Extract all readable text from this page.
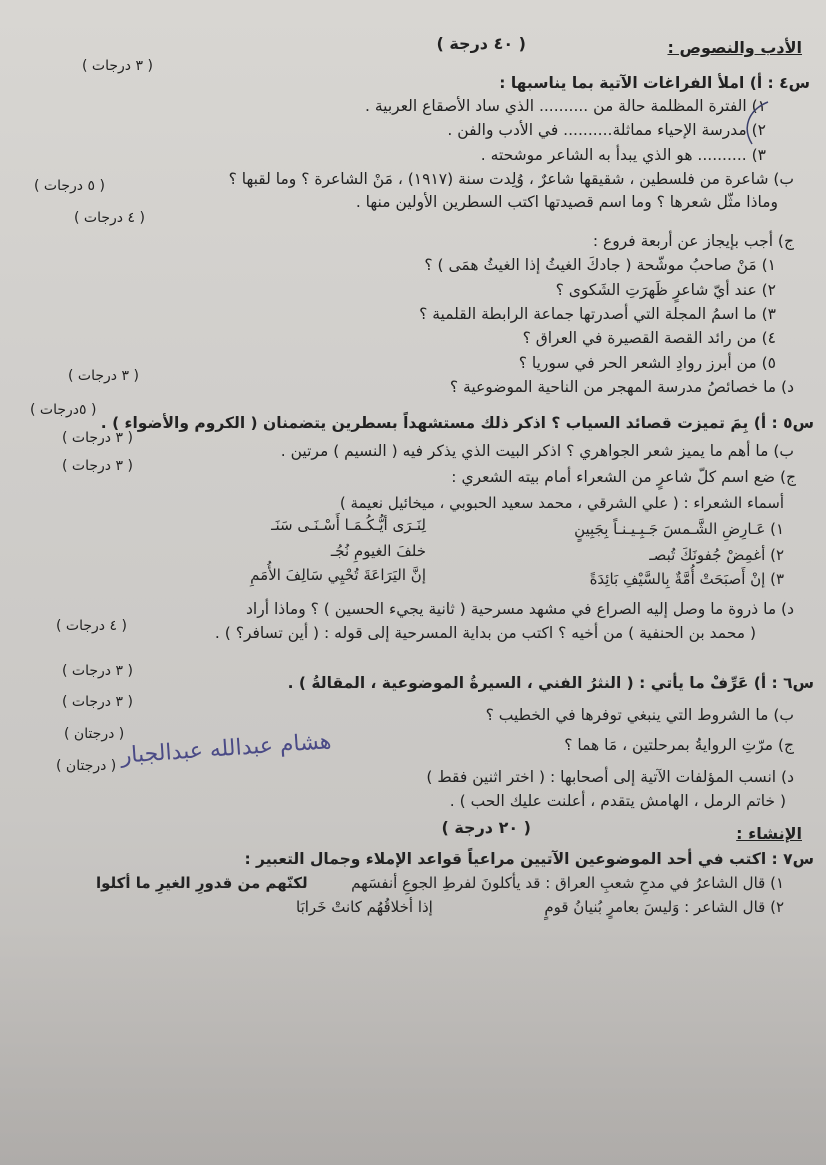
الأدب والنصوص :
( ٤٠ درجة )
س٤ : أ) املأ الفراغات الآتية بما يناسبها :
( ٣ درجات )
١) الفترة المظلمة حالة من .......... الذي ساد الأصقاع العربية .
٢) مدرسة الإحياء مماثلة.......... في الأدب والفن .
٣) .......... هو الذي يبدأ به الشاعر موشحته .
ب) شاعرة من فلسطين ، شقيقها شاعرٌ ، وُلِدت سنة (١٩١٧) ، مَنْ الشاعرة ؟ وما لقبها ؟
( ٥ درجات )
وماذا مثّل شعرها ؟ وما اسم قصيدتها اكتب السطرين الأولين منها .
( ٤ درجات )
ج) أجب بإيجاز عن أربعة فروع :
١) مَنْ صاحبُ موشّحة ( جادكَ الغيثُ إذا الغيثُ همَى ) ؟
٢) عند أيّ شاعرٍ ظَهرَتِ الشَكوى ؟
٣) ما اسمُ المجلة التي أصدرتها جماعة الرابطة القلمية ؟
٤) من رائد القصة القصيرة في العراق ؟
٥) من أبرز روادِ الشعر الحر في سوريا ؟
د) ما خصائصُ مدرسة المهجر من الناحية الموضوعية ؟
( ٣ درجات )
س٥ : أ) بِمَ تميزت قصائد السياب ؟ اذكر ذلك مستشهداً بسطرين يتضمنان ( الكروم والأضواء ) .
( ٥درجات )
ب) ما أهم ما يميز شعر الجواهري ؟ اذكر البيت الذي يذكر فيه ( النسيم ) مرتين .
( ٣ درجات )
ج) ضع اسم كلّ شاعرٍ من الشعراء أمام بيته الشعري :
( ٣ درجات )
أسماء الشعراء : ( علي الشرقي ، محمد سعيد الحبوبي ، ميخائيل نعيمة )
١) عَـارِضِ الشَّـمسَ جَـبِـيـنـاً بِجَبِينٍ
لِنَـرَى أيُّـكُـمَـا أَسْـنَـى سَنَـ
٢) أغمِضْ جُفونَكَ تُبصـ
خلفَ الغيومِ نُجُـ
٣) إنْ أَصبَحَتْ أُمَّةٌ بِالسَّيْفِ بَائِدَةً
إنَّ اليَرَاعَةَ تُحْيِي سَالِفَ الأُمَمِ
د) ما ذروة ما وصل إليه الصراع في مشهد مسرحية ( ثانية يجيء الحسين ) ؟ وماذا أراد
( محمد بن الحنفية ) من أخيه ؟ اكتب من بداية المسرحية إلى قوله : ( أين تسافر؟ ) .
( ٤ درجات )
س٦ : أ) عَرِّفْ ما يأتي : ( النثرُ الفني ، السيرةُ الموضوعية ، المقالةُ ) .
( ٣ درجات )
ب) ما الشروط التي ينبغي توفرها في الخطيب ؟
( ٣ درجات )
ج) مرّتِ الروايةُ بمرحلتين ، مَا هما ؟
( درجتان )
هشام عبدالله عبدالجبار
د) انسب المؤلفات الآتية إلى أصحابها : ( اختر اثنين فقط )
( درجتان )
( خاتم الرمل ، الهامش يتقدم ، أعلنت عليك الحب ) .
( ٢٠ درجة )	الإنشاء :
س٧ : اكتب في أحد الموضوعين الآتيين مراعياً قواعد الإملاء وجمال التعبير :
١) قال الشاعرُ في مدحِ شعبِ العراق : قد يأكلونَ لفرطِ الجوعِ أنفسَهم
لكنّهم من قدورِ الغيرِ ما أكلوا
٢) قال الشاعر : وَليسَ بعامرٍ بُنيانُ قومٍ
إذا أخلاقُهُم كانتْ خَرابَا
